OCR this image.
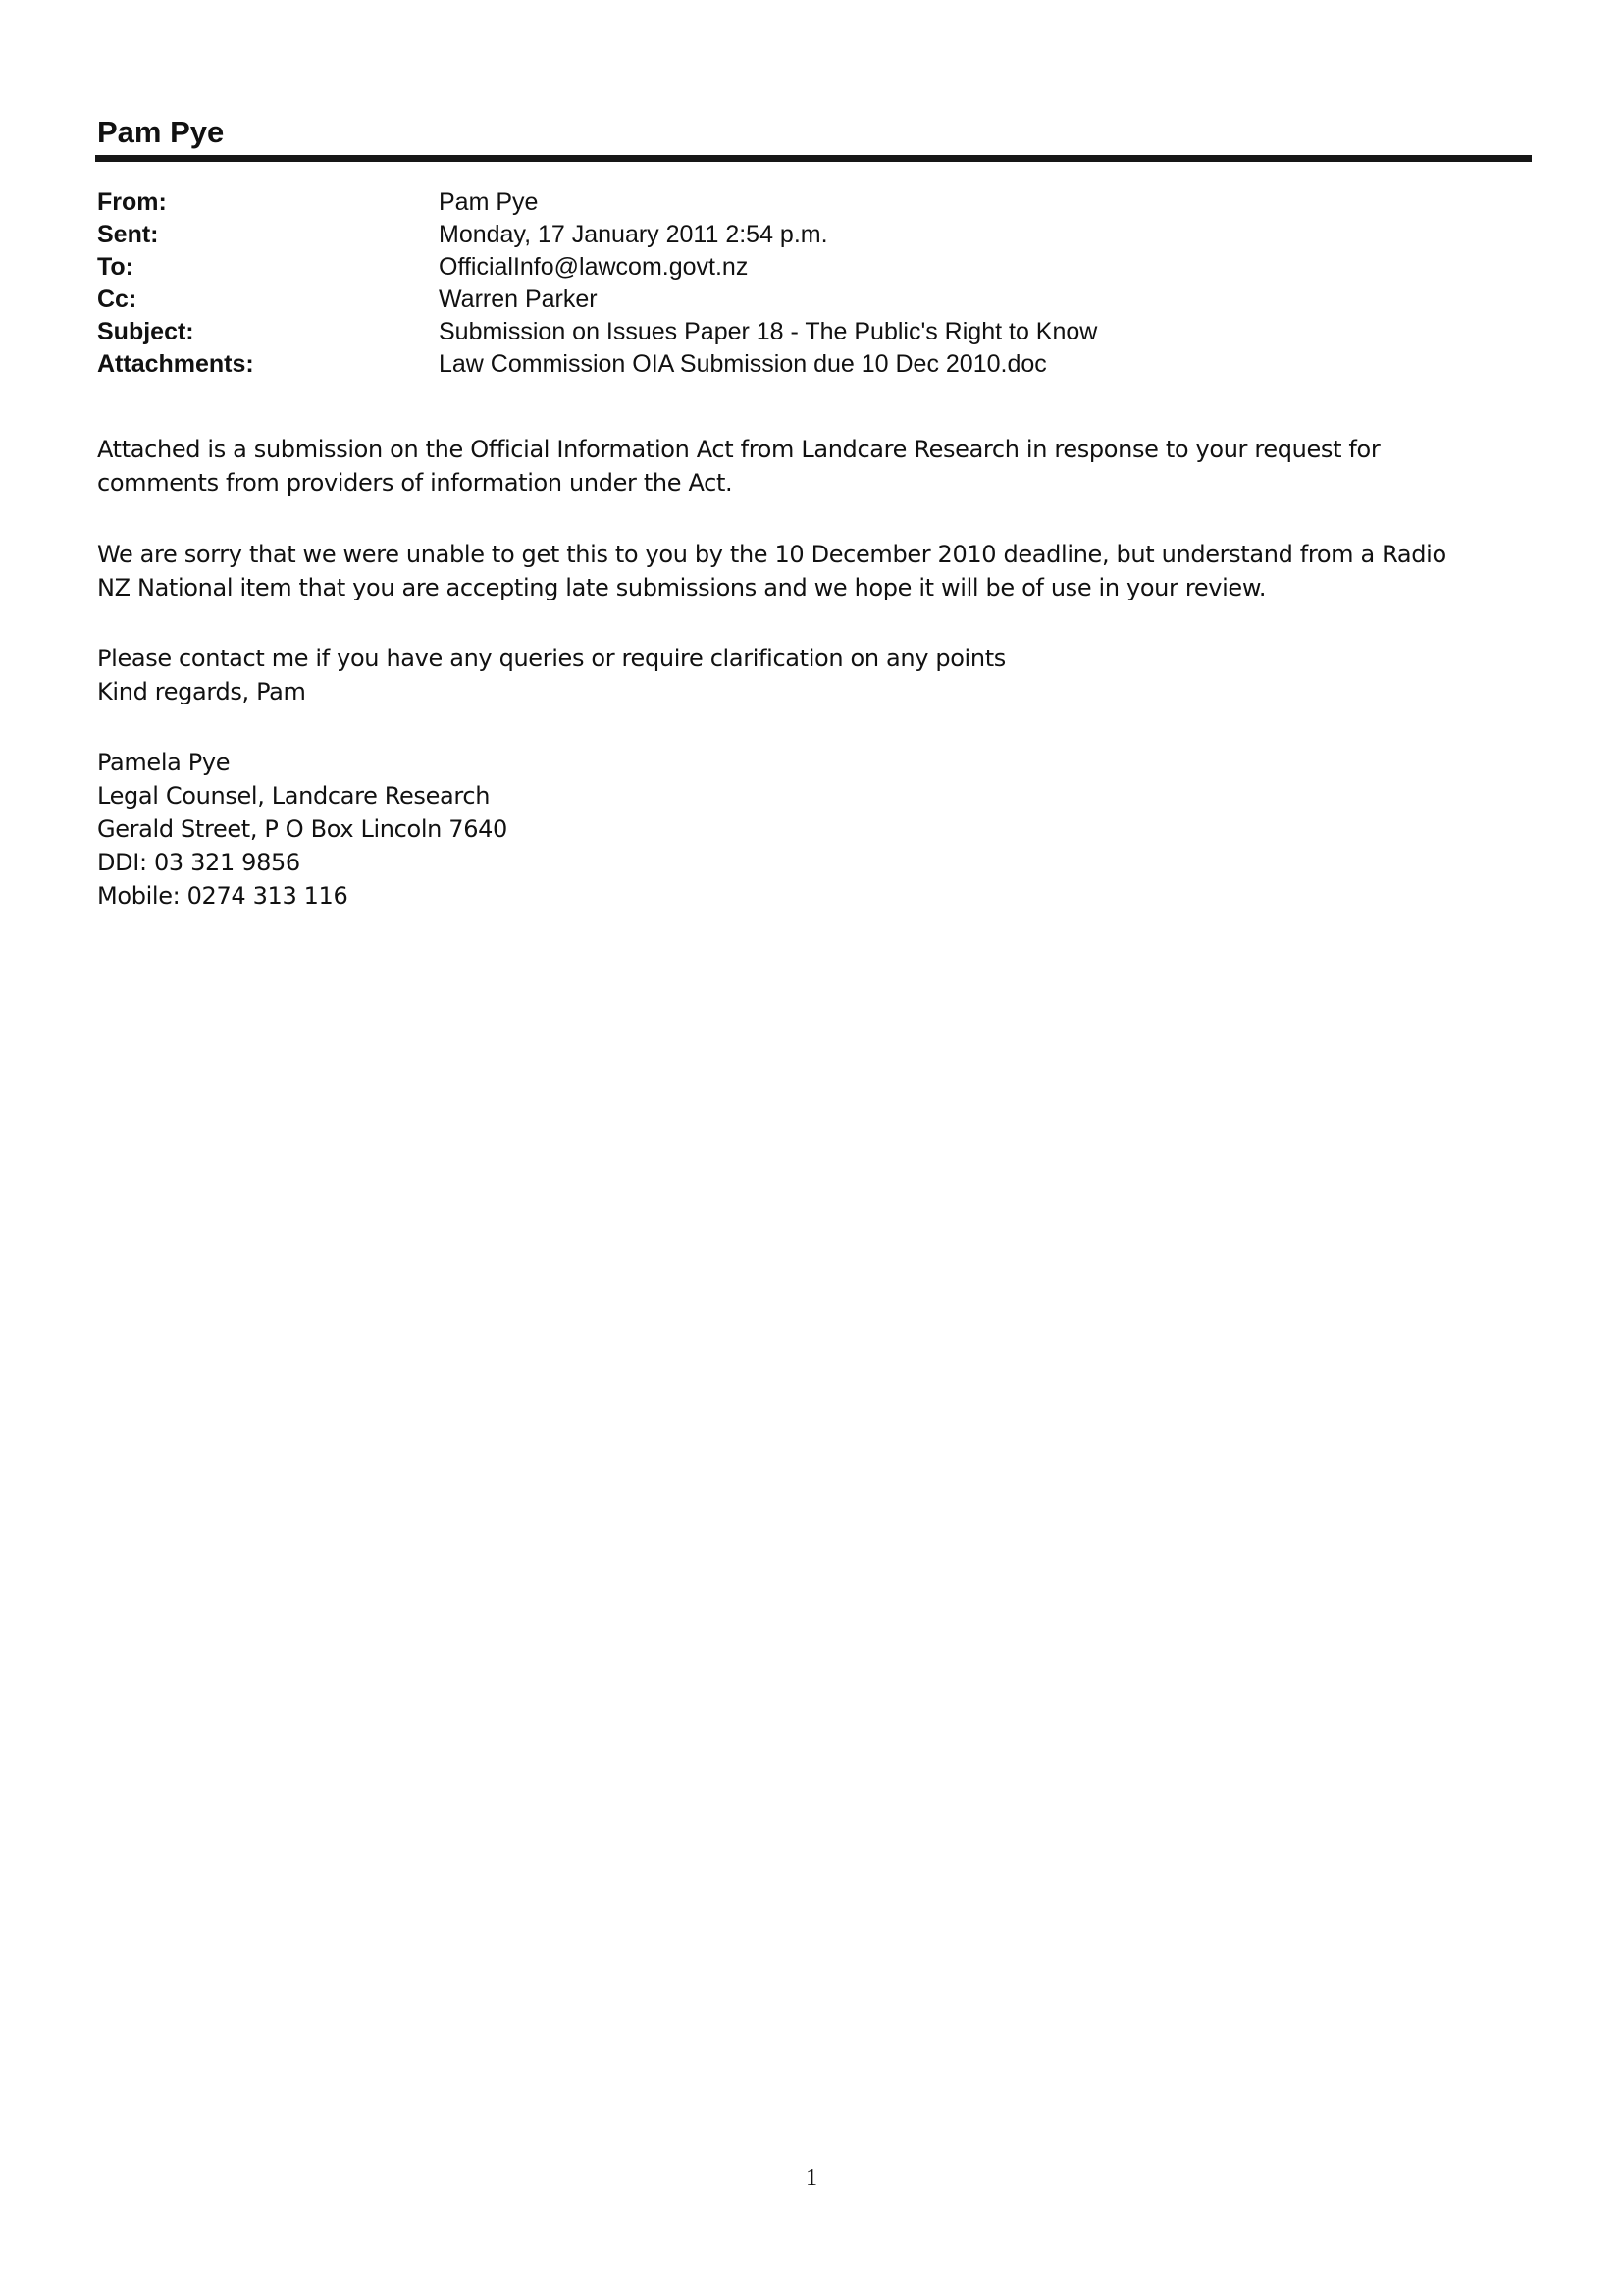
Pam Pye
From:	Pam Pye
Sent:	Monday, 17 January 2011 2:54 p.m.
To:	OfficialInfo@lawcom.govt.nz
Cc:	Warren Parker
Subject:	Submission on Issues Paper 18 - The Public's Right to Know
Attachments:	Law Commission OIA Submission due 10 Dec 2010.doc

Attached is a submission on the Official Information Act from Landcare Research in response to your request for
comments from providers of information under the Act.

We are sorry that we were unable to get this to you by the 10 December 2010 deadline, but understand from a Radio
NZ National item that you are accepting late submissions and we hope it will be of use in your review.

Please contact me if you have any queries or require clarification on any points
Kind regards, Pam

Pamela Pye
Legal Counsel, Landcare Research
Gerald Street, P O Box Lincoln 7640
DDI: 03 321 9856
Mobile: 0274 313 116

1
